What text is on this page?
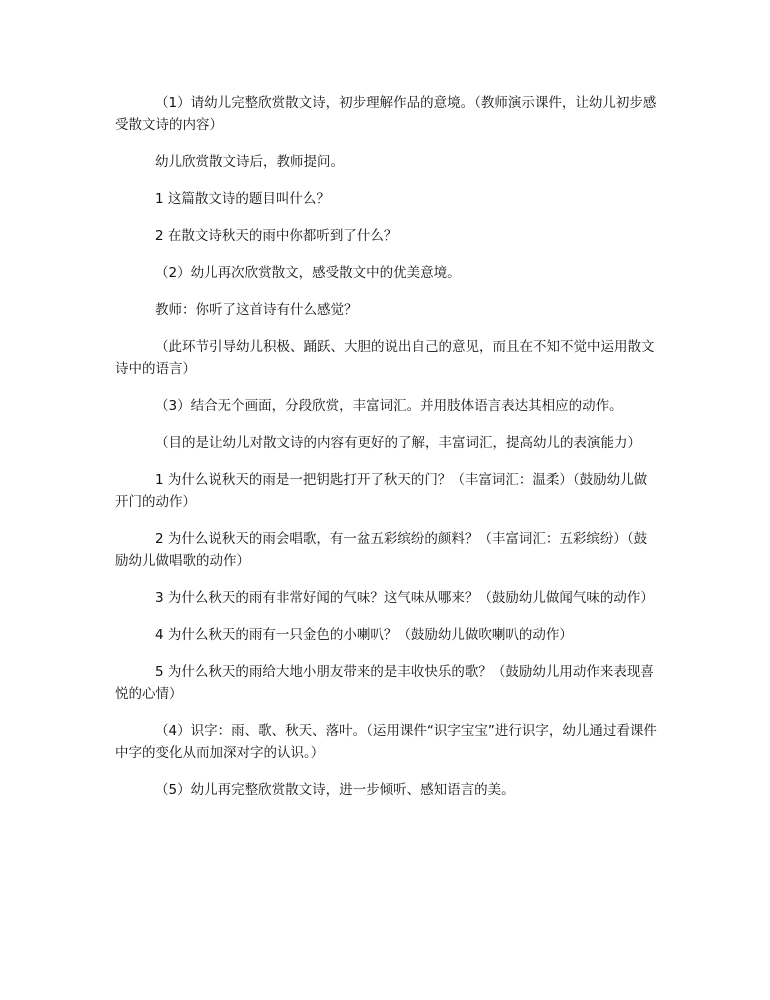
（1）请幼儿完整欣赏散文诗，初步理解作品的意境。（教师演示课件，让幼儿初步感受散文诗的内容）

幼儿欣赏散文诗后，教师提问。

1 这篇散文诗的题目叫什么？

2 在散文诗秋天的雨中你都听到了什么？

（2）幼儿再次欣赏散文，感受散文中的优美意境。

教师：你听了这首诗有什么感觉？

（此环节引导幼儿积极、踊跃、大胆的说出自己的意见，而且在不知不觉中运用散文诗中的语言）

（3）结合无个画面，分段欣赏，丰富词汇。并用肢体语言表达其相应的动作。

（目的是让幼儿对散文诗的内容有更好的了解，丰富词汇，提高幼儿的表演能力）

1 为什么说秋天的雨是一把钥匙打开了秋天的门？（丰富词汇：温柔）（鼓励幼儿做开门的动作）

2 为什么说秋天的雨会唱歌，有一盆五彩缤纷的颜料？（丰富词汇：五彩缤纷）（鼓励幼儿做唱歌的动作）

3 为什么秋天的雨有非常好闻的气味？这气味从哪来？（鼓励幼儿做闻气味的动作）

4 为什么秋天的雨有一只金色的小喇叭？（鼓励幼儿做吹喇叭的动作）

5 为什么秋天的雨给大地小朋友带来的是丰收快乐的歌？（鼓励幼儿用动作来表现喜悦的心情）

（4）识字：雨、歌、秋天、落叶。（运用课件“识字宝宝”进行识字，幼儿通过看课件中字的变化从而加深对字的认识。）

（5）幼儿再完整欣赏散文诗，进一步倾听、感知语言的美。
